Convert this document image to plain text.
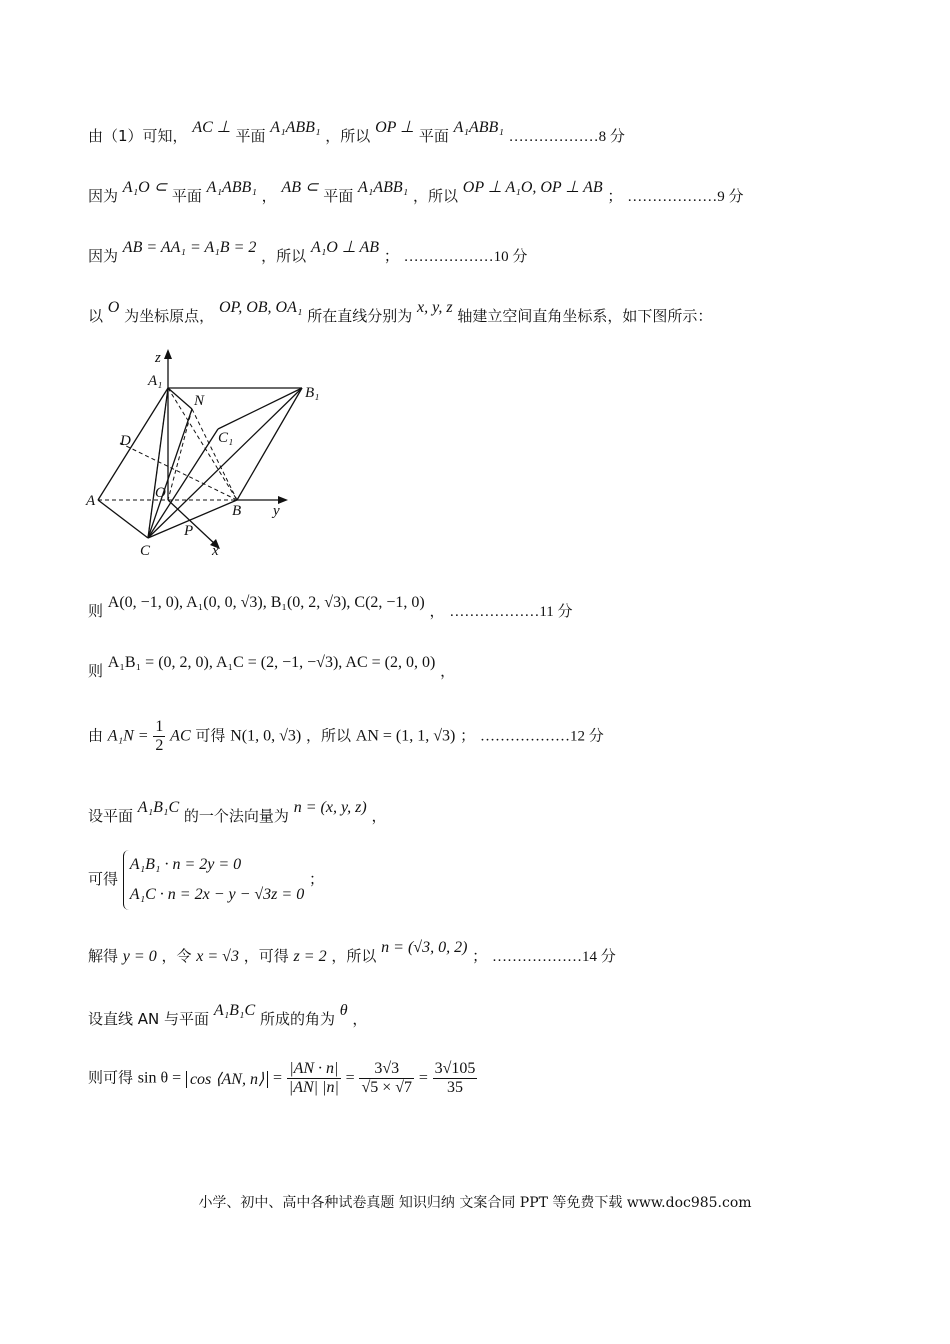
由（1）可知， AC ⊥ 平面 A₁ABB₁ ，所以 OP ⊥ 平面 A₁ABB₁ ………………8 分
因为 A₁O ⊂ 平面 A₁ABB₁ ， AB ⊂ 平面 A₁ABB₁ ，所以 OP ⊥ A₁O, OP ⊥ AB ； ………………9 分
因为 AB = AA₁ = A₁B = 2 ，所以 A₁O ⊥ AB ； ………………10 分
以 O 为坐标原点， OP, OB, OA₁ 所在直线分别为 x, y, z 轴建立空间直角坐标系，如下图所示：
z
A₁
B₁
N
C₁
D
A	O
B y
P
C	x
则 A(0, −1, 0), A₁(0, 0, √3), B₁(0, 2, √3), C(2, −1, 0) ， ………………11 分
则 A₁B₁ = (0, 2, 0), A₁C = (2, −1, −√3), AC = (2, 0, 0) ，
由 $A_1N = \frac{1}{2}$ AC 可得 N(1, 0, √3) ，所以 AN = (1, 1, √3) ； ………………12 分
设平面 A₁B₁C 的一个法向量为 n = (x, y, z) ，
可得
A₁B₁ · n = 2y = 0
A₁C · n = 2x − y − √3z = 0
；
解得 y = 0 ，令 x = √3 ，可得 z = 2 ，所以 n = (√3, 0, 2) ； ………………14 分
设直线 AN 与平面 A₁B₁C 所成的角为 θ ，
则可得 sin θ = cos ⟨AN, n⟩ = $\frac{|AN \cdot n|}{|AN| |n|} = \frac{3√3}{√5 \times √7} = \frac{3√105}{35}$
小学、初中、高中各种试卷真题 知识归纳 文案合同 PPT 等免费下载 www.doc985.com
